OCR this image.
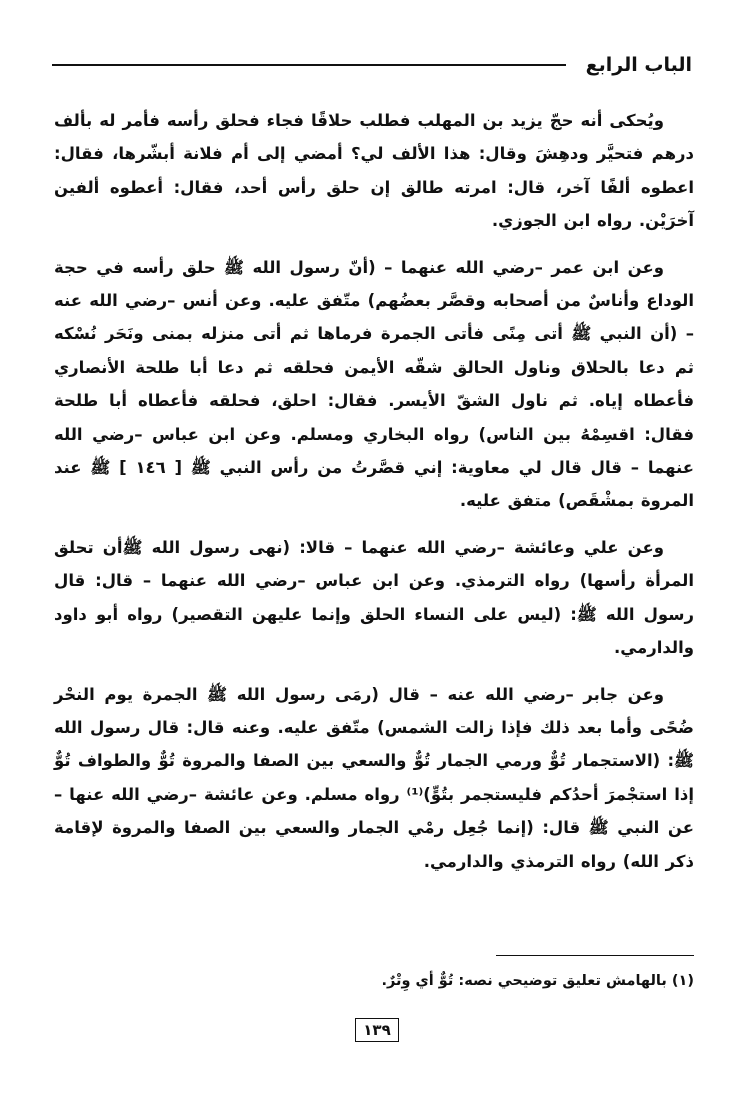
الباب الرابع

ويُحكى أنه حجّ يزيد بن المهلب فطلب حلاقًا فجاء فحلق رأسه فأمر له بألف درهم فتحيَّر ودهِشَ وقال: هذا الألف لي؟ أمضي إلى أم فلانة أبشّرها، فقال: اعطوه ألفًا آخر، قال: امرته طالق إن حلق رأس أحد، فقال: أعطوه ألفين آخرَيْن. رواه ابن الجوزي.

وعن ابن عمر –رضي الله عنهما – (أنّ رسول الله ﷺ حلق رأسه في حجة الوداع وأناسٌ من أصحابه وقصَّر بعضُهم) متّفق عليه. وعن أنس –رضي الله عنه – (أن النبي ﷺ أتى مِنًى فأتى الجمرة فرماها ثم أتى منزله بمنى ونَحَر نُسْكه ثم دعا بالحلاق وناول الحالق شقّه الأيمن فحلقه ثم دعا أبا طلحة الأنصاري فأعطاه إياه. ثم ناول الشقّ الأيسر. فقال: احلق، فحلقه فأعطاه أبا طلحة فقال: اقسِمْهُ بين الناس) رواه البخاري ومسلم. وعن ابن عباس –رضي الله عنهما – قال قال لي معاوية: إني قصَّرتُ من رأس النبي ﷺ [ ١٤٦ ] ﷺ عند المروة بمشْقَص) متفق عليه.

وعن علي وعائشة –رضي الله عنهما – قالا: (نهى رسول الله ﷺأن تحلق المرأة رأسها) رواه الترمذي. وعن ابن عباس –رضي الله عنهما – قال: قال رسول الله ﷺ: (ليس على النساء الحلق وإنما عليهن التقصير) رواه أبو داود والدارمي.

وعن جابر –رضي الله عنه – قال (رمَى رسول الله ﷺ الجمرة يوم النحْر ضُحًى وأما بعد ذلك فإذا زالت الشمس) متّفق عليه. وعنه قال: قال رسول الله ﷺ: (الاستجمار تُوٌّ ورمي الجمار تُوٌّ والسعي بين الصفا والمروة تُوٌّ والطواف تُوٌّ إذا استجْمرَ أحدُكم فليستجمر بتُوٍّ)⁽¹⁾ رواه مسلم. وعن عائشة –رضي الله عنها – عن النبي ﷺ قال: (إنما جُعِل رمْي الجمار والسعي بين الصفا والمروة لإقامة ذكر الله) رواه الترمذي والدارمي.

(١) بالهامش تعليق توضيحي نصه: تُوٌّ أي وِتْرٌ.
١٣٩
